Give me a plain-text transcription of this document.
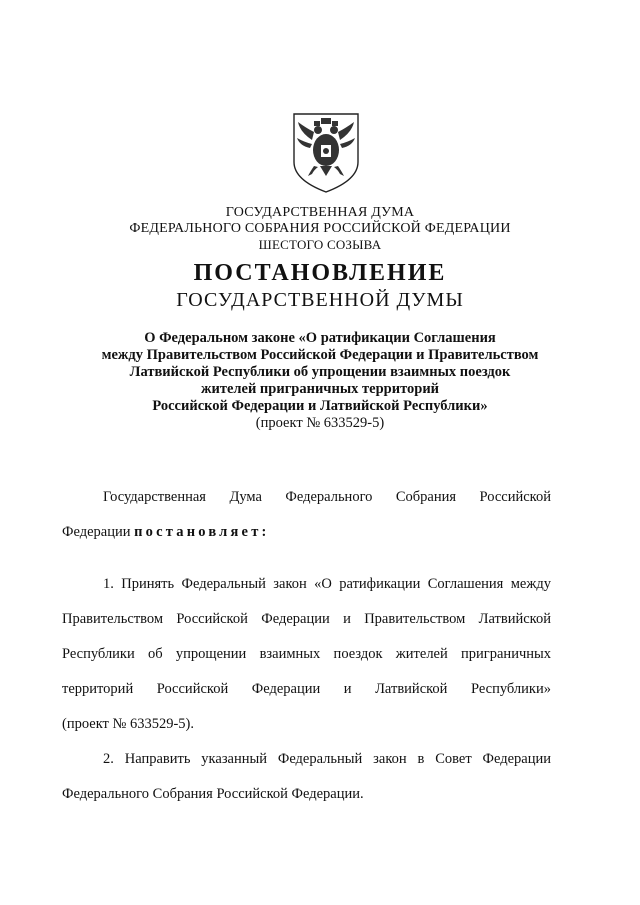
ГОСУДАРСТВЕННАЯ ДУМА
ФЕДЕРАЛЬНОГО СОБРАНИЯ РОССИЙСКОЙ ФЕДЕРАЦИИ
ШЕСТОГО СОЗЫВА
ПОСТАНОВЛЕНИЕ
ГОСУДАРСТВЕННОЙ ДУМЫ
О Федеральном законе «О ратификации Соглашения
между Правительством Российской Федерации и Правительством
Латвийской Республики об упрощении взаимных поездок
жителей приграничных территорий
Российской Федерации и Латвийской Республики»
(проект № 633529-5)
Государственная Дума Федерального Собрания Российской
Федерации постановляет:
1. Принять Федеральный закон «О ратификации Соглашения между
Правительством Российской Федерации и Правительством Латвийской
Республики об упрощении взаимных поездок жителей приграничных
территорий Российской Федерации и Латвийской Республики»
(проект № 633529-5).
2. Направить указанный Федеральный закон в Совет Федерации
Федерального Собрания Российской Федерации.
